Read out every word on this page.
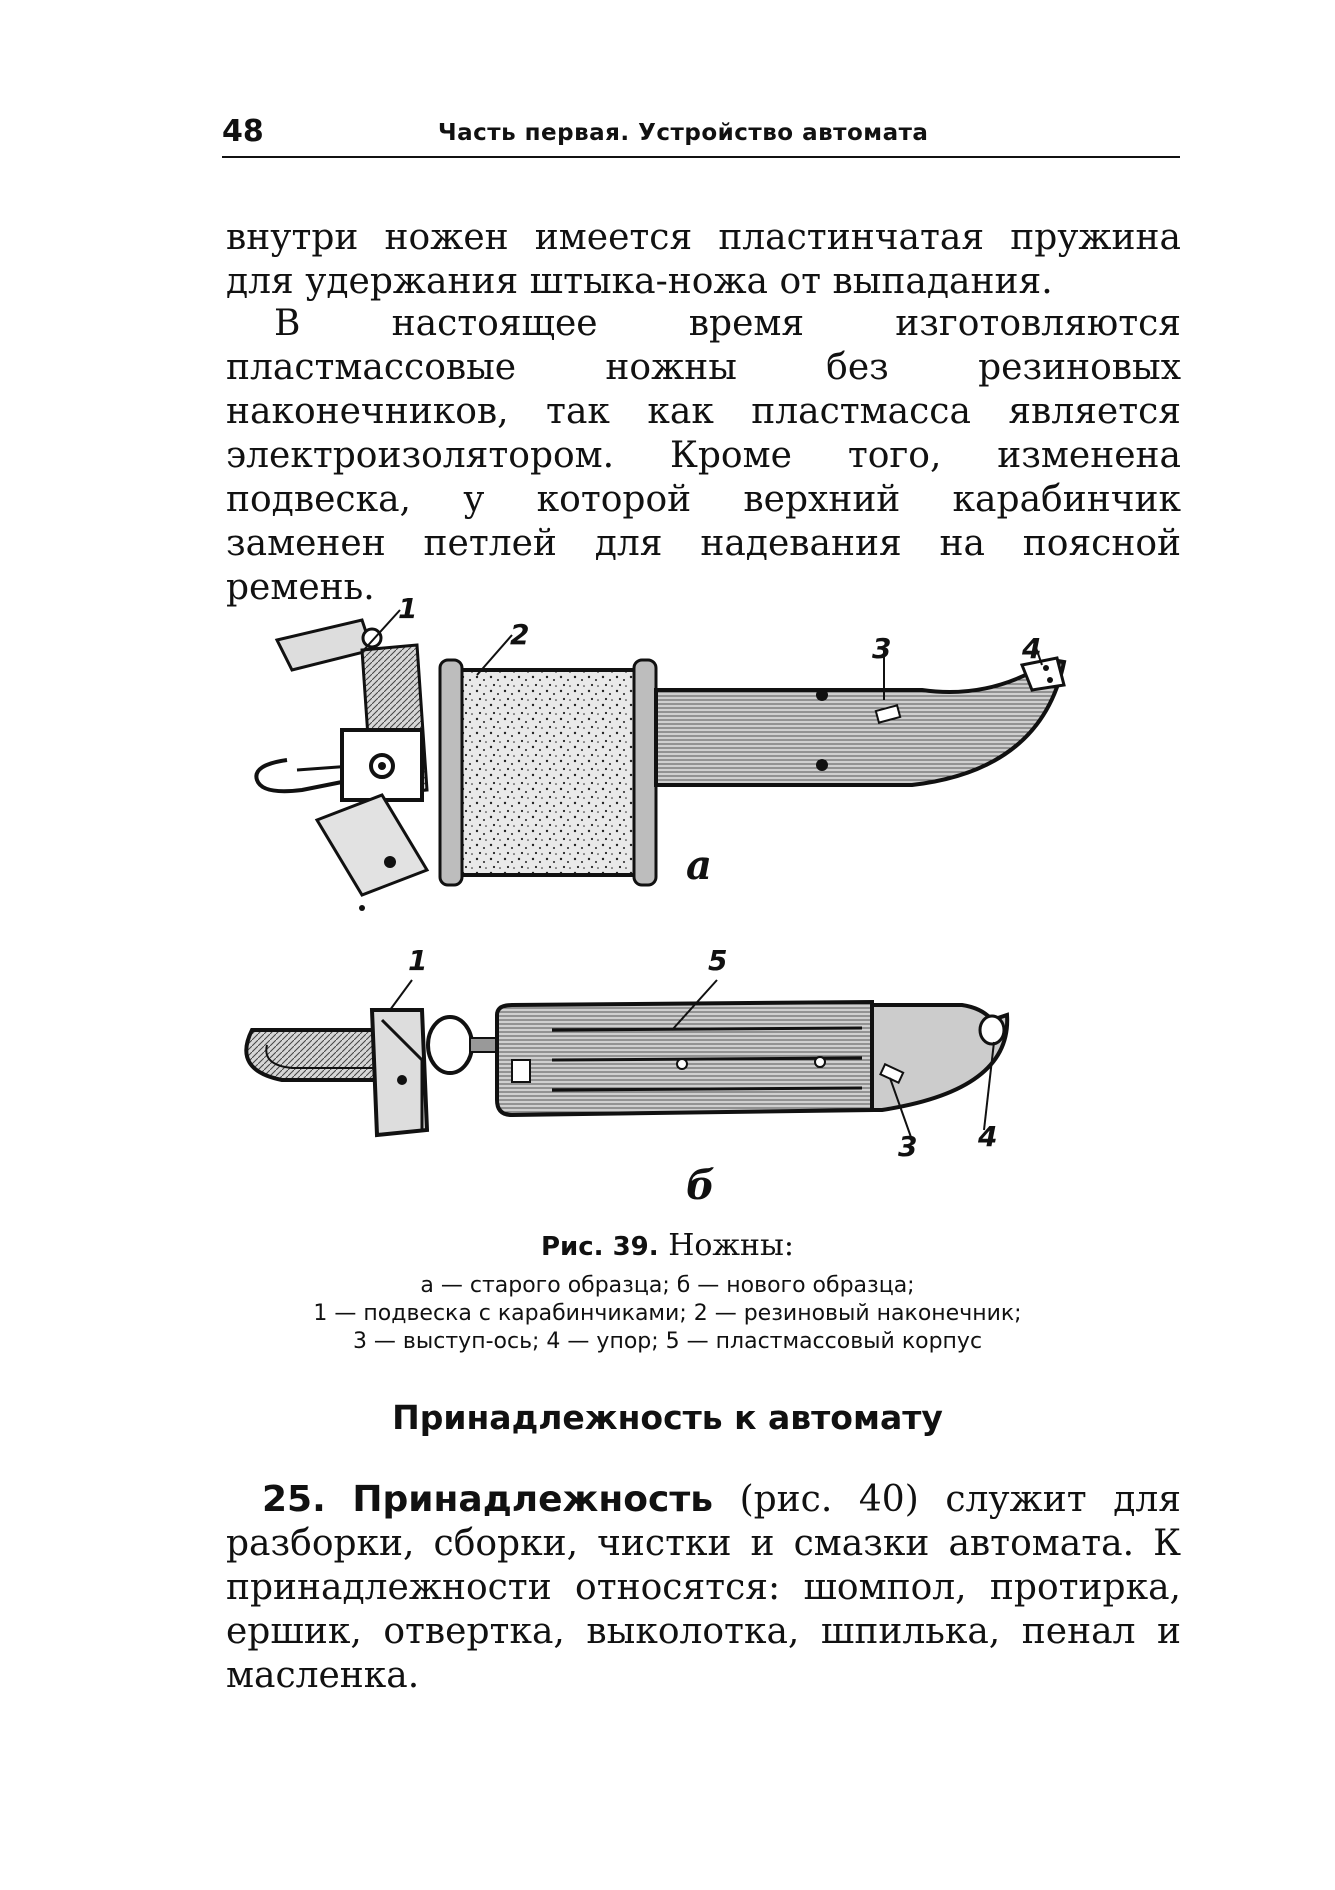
48	Часть первая. Устройство автомата

внутри ножен имеется пластинчатая пружина для удержания штыка-ножа от выпадания.

В настоящее время изготовляются пластмассовые ножны без резиновых наконечников, так как пластмасса является электроизолятором. Кроме того, изменена подвеска, у которой верхний карабинчик заменен петлей для надевания на поясной ремень.

а
б
1
2	3	4
1	5
3 4
Рис. 39. Ножны:
а — старого образца; б — нового образца;
1 — подвеска с карабинчиками; 2 — резиновый наконечник;
3 — выступ-ось; 4 — упор; 5 — пластмассовый корпус
Принадлежность к автомату

25. Принадлежность (рис. 40) служит для разборки, сборки, чистки и смазки автомата. К принадлежности относятся: шомпол, протирка, ершик, отвертка, выколотка, шпилька, пенал и масленка.
